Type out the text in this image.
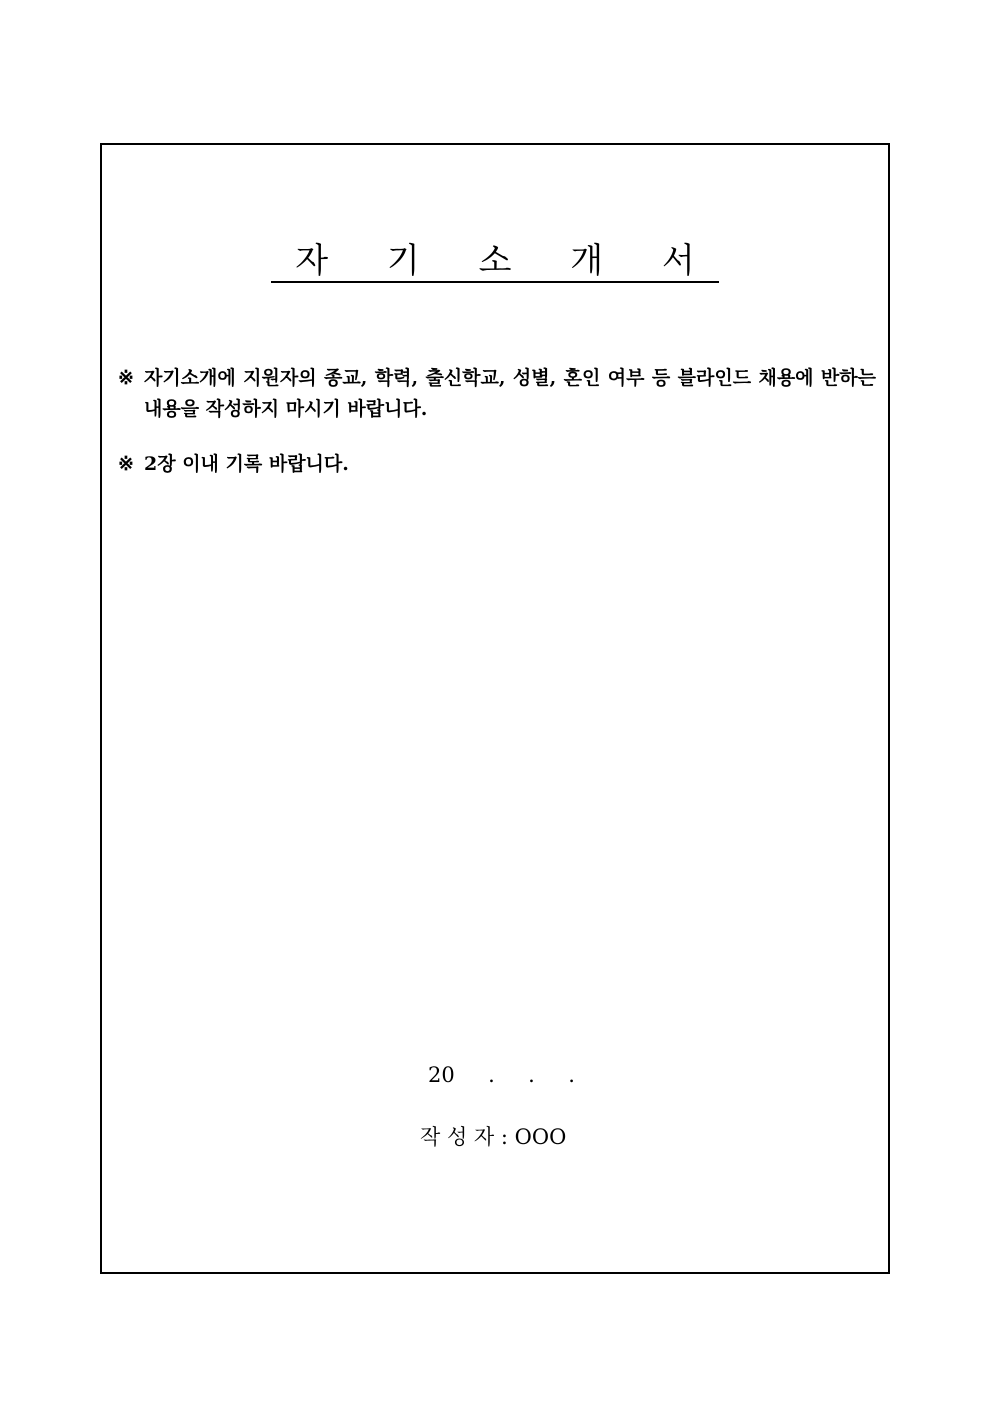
자 기 소 개 서
※ 자기소개에 지원자의 종교, 학력, 출신학교, 성별, 혼인 여부 등 블라인드 채용에 반하는 내용을 작성하지 마시기 바랍니다.
※ 2장 이내 기록 바랍니다.
20     .     .     .
작 성 자 : OOO
